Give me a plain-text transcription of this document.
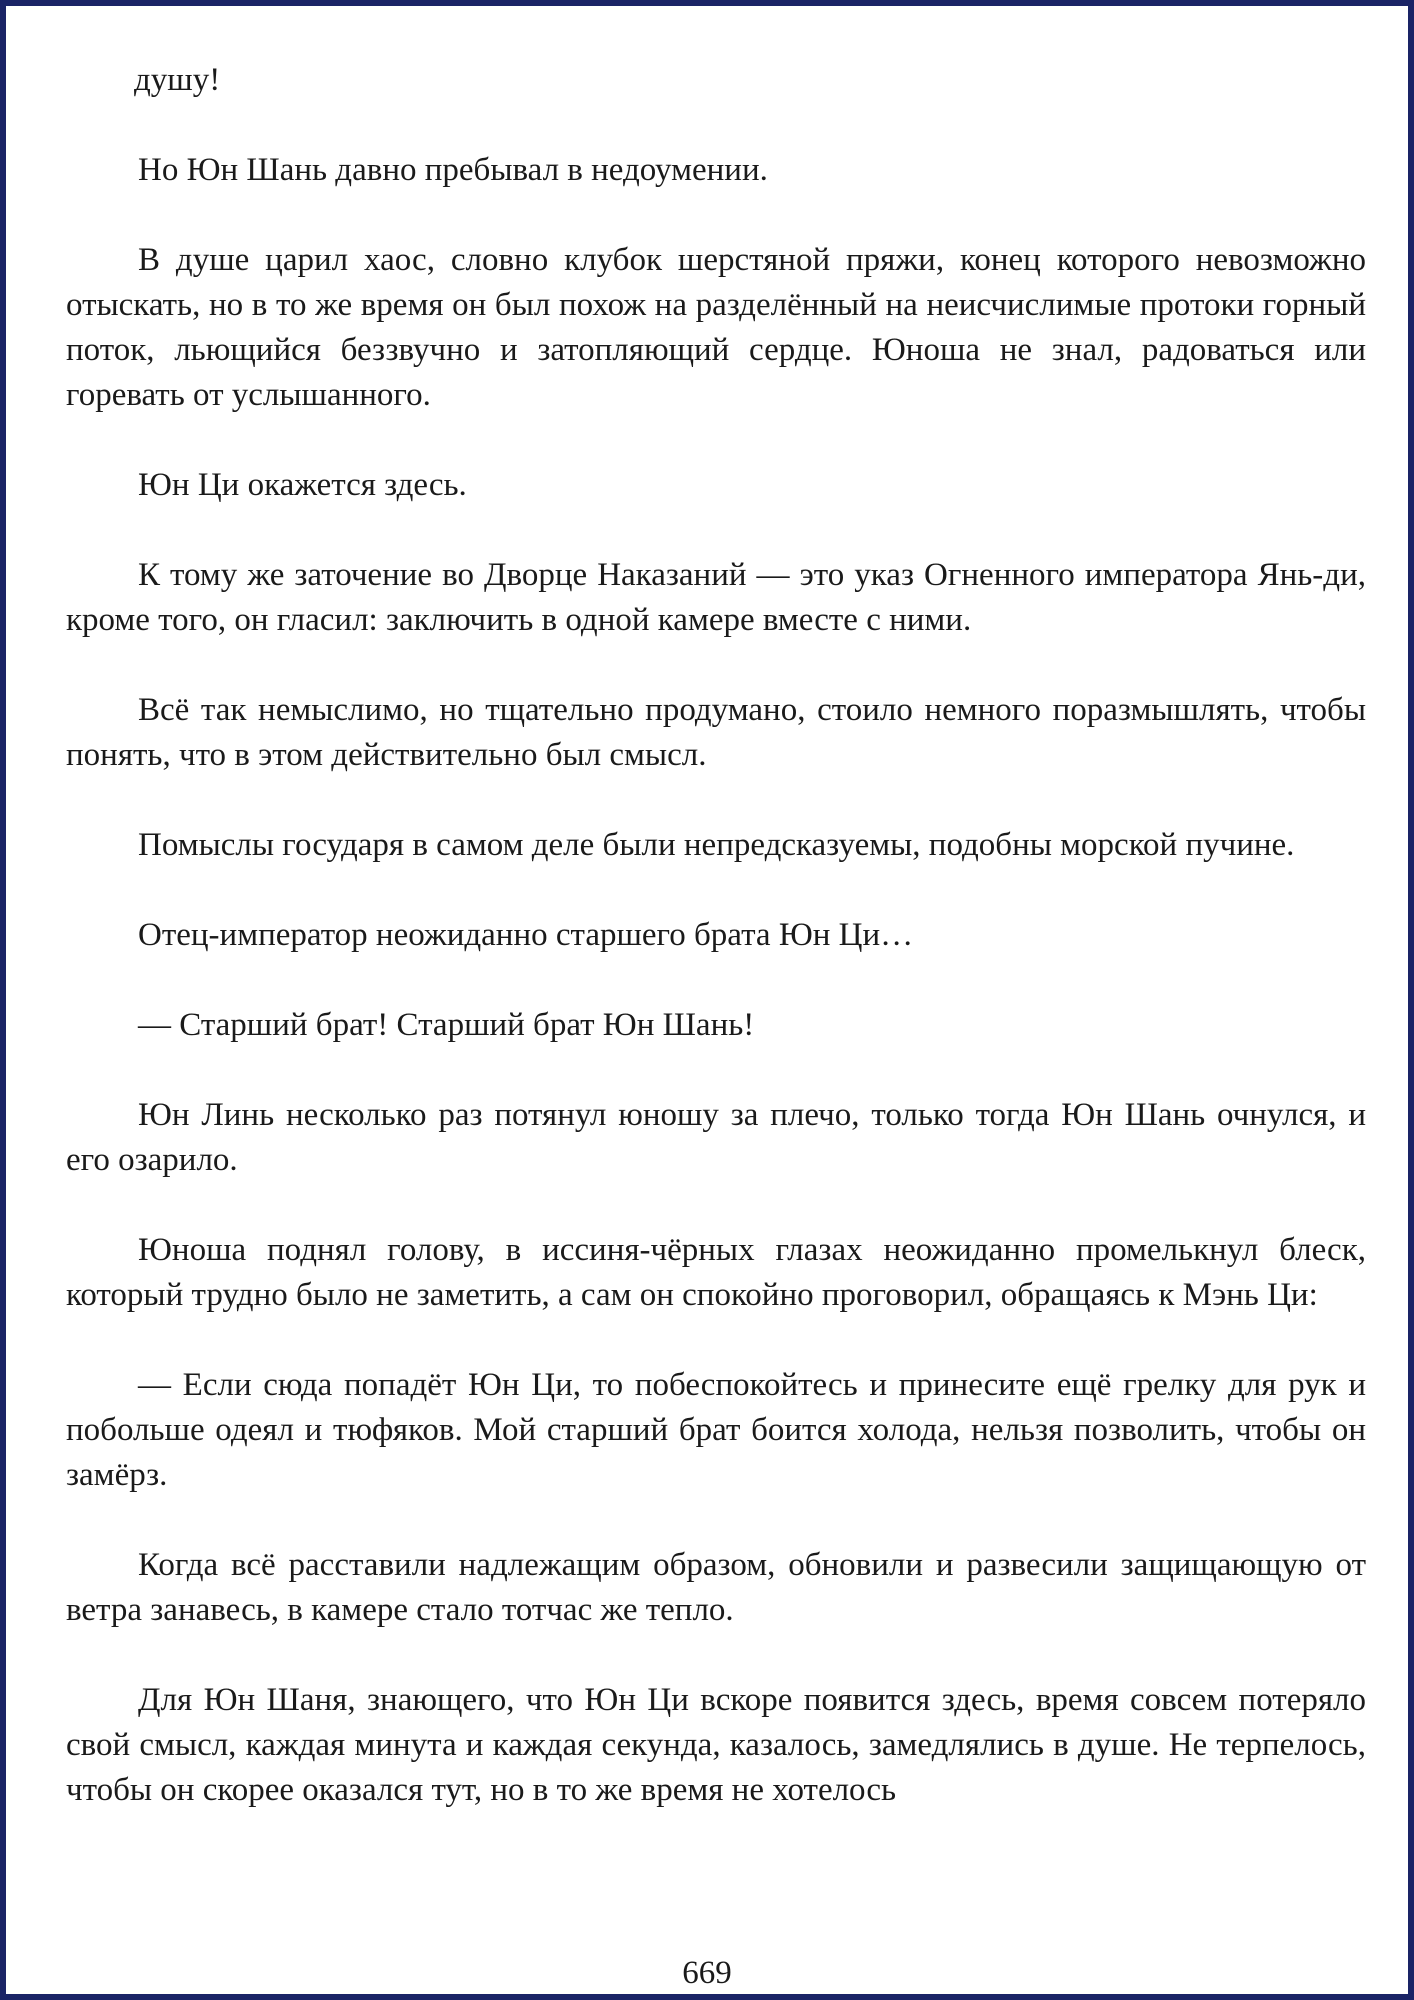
душу!

Но Юн Шань давно пребывал в недоумении.

В душе царил хаос, словно клубок шерстяной пряжи, конец которого невозможно отыскать, но в то же время он был похож на разделённый на неисчислимые протоки горный поток, льющийся беззвучно и затопляющий сердце. Юноша не знал, радоваться или горевать от услышанного.

Юн Ци окажется здесь.

К тому же заточение во Дворце Наказаний — это указ Огненного императора Янь-ди, кроме того, он гласил: заключить в одной камере вместе с ними.

Всё так немыслимо, но тщательно продумано, стоило немного поразмышлять, чтобы понять, что в этом действительно был смысл.

Помыслы государя в самом деле были непредсказуемы, подобны морской пучине.

Отец-император неожиданно старшего брата Юн Ци…

— Старший брат! Старший брат Юн Шань!

Юн Линь несколько раз потянул юношу за плечо, только тогда Юн Шань очнулся, и его озарило.

Юноша поднял голову, в иссиня-чёрных глазах неожиданно промелькнул блеск, который трудно было не заметить, а сам он спокойно проговорил, обращаясь к Мэнь Ци:

— Если сюда попадёт Юн Ци, то побеспокойтесь и принесите ещё грелку для рук и побольше одеял и тюфяков. Мой старший брат боится холода, нельзя позволить, чтобы он замёрз.

Когда всё расставили надлежащим образом, обновили и развесили защищающую от ветра занавесь, в камере стало тотчас же тепло.

Для Юн Шаня, знающего, что Юн Ци вскоре появится здесь, время совсем потеряло свой смысл, каждая минута и каждая секунда, казалось, замедлялись в душе. Не терпелось, чтобы он скорее оказался тут, но в то же время не хотелось

669
